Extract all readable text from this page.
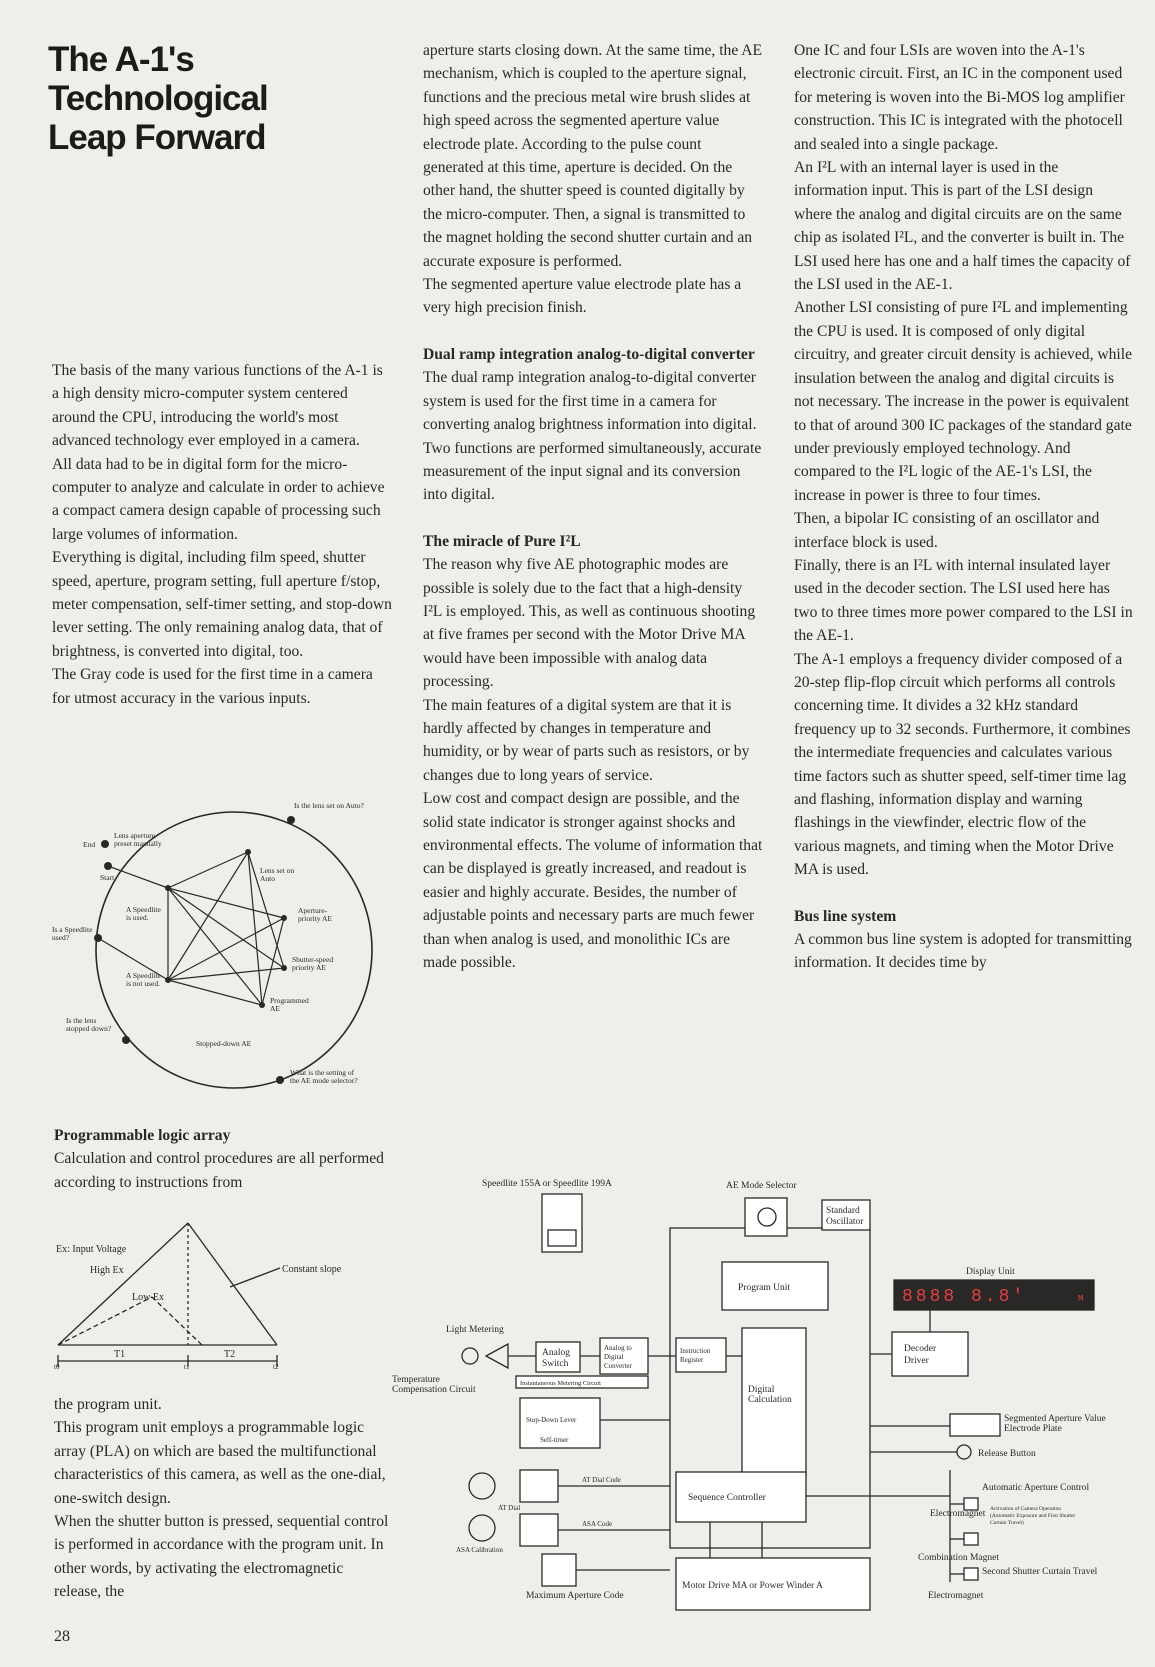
The A-1's
Technological
Leap Forward

The basis of the many various functions of the A-1 is a high density micro-computer system centered around the CPU, introducing the world's most advanced technology ever employed in a camera.

All data had to be in digital form for the micro-computer to analyze and calculate in order to achieve a compact camera design capable of processing such large volumes of information.

Everything is digital, including film speed, shutter speed, aperture, program setting, full aperture f/stop, meter compensation, self-timer setting, and stop-down lever setting. The only remaining analog data, that of brightness, is converted into digital, too.

The Gray code is used for the first time in a camera for utmost accuracy in the various inputs.

End
Is the lens set on Auto?
Lens aperture
preset manually
Start
Lens set on
Auto
Aperture-
priority AE
A Speedlite
is used.
Is a Speedlite
used?
Shutter-speed
priority AE
A Speedlite
is not used.
Programmed
AE
Is the lens
stopped down?
Stopped-down AE
What is the setting of
the AE mode selector?
Programmable logic array

Calculation and control procedures are all performed according to instructions from

Ex: Input Voltage
High Ex
Low Ex
Constant slope
T1	T2
t0	t1	t2

the program unit.

This program unit employs a programmable logic array (PLA) on which are based the multifunctional characteristics of this camera, as well as the one-dial, one-switch design.

When the shutter button is pressed, sequential control is performed in accordance with the program unit. In other words, by activating the electromagnetic release, the

aperture starts closing down. At the same time, the AE mechanism, which is coupled to the aperture signal, functions and the precious metal wire brush slides at high speed across the segmented aperture value electrode plate. According to the pulse count generated at this time, aperture is decided. On the other hand, the shutter speed is counted digitally by the micro-computer. Then, a signal is transmitted to the magnet holding the second shutter curtain and an accurate exposure is performed.

The segmented aperture value electrode plate has a very high precision finish.

Dual ramp integration analog-to-digital converter

The dual ramp integration analog-to-digital converter system is used for the first time in a camera for converting analog brightness information into digital. Two functions are performed simultaneously, accurate measurement of the input signal and its conversion into digital.

The miracle of Pure I²L

The reason why five AE photographic modes are possible is solely due to the fact that a high-density I²L is employed. This, as well as continuous shooting at five frames per second with the Motor Drive MA would have been impossible with analog data processing.

The main features of a digital system are that it is hardly affected by changes in temperature and humidity, or by wear of parts such as resistors, or by changes due to long years of service.

Low cost and compact design are possible, and the solid state indicator is stronger against shocks and environmental effects. The volume of information that can be displayed is greatly increased, and readout is easier and highly accurate. Besides, the number of adjustable points and necessary parts are much fewer than when analog is used, and monolithic ICs are made possible.

One IC and four LSIs are woven into the A-1's electronic circuit. First, an IC in the component used for metering is woven into the Bi-MOS log amplifier construction. This IC is integrated with the photocell and sealed into a single package.

An I²L with an internal layer is used in the information input. This is part of the LSI design where the analog and digital circuits are on the same chip as isolated I²L, and the converter is built in. The LSI used here has one and a half times the capacity of the LSI used in the AE-1.

Another LSI consisting of pure I²L and implementing the CPU is used. It is composed of only digital circuitry, and greater circuit density is achieved, while insulation between the analog and digital circuits is not necessary. The increase in the power is equivalent to that of around 300 IC packages of the standard gate under previously employed technology. And compared to the I²L logic of the AE-1's LSI, the increase in power is three to four times.

Then, a bipolar IC consisting of an oscillator and interface block is used.

Finally, there is an I²L with internal insulated layer used in the decoder section. The LSI used here has two to three times more power compared to the LSI in the AE-1.

The A-1 employs a frequency divider composed of a 20-step flip-flop circuit which performs all controls concerning time. It divides a 32 kHz standard frequency up to 32 seconds. Furthermore, it combines the intermediate frequencies and calculates various time factors such as shutter speed, self-timer time lag and flashing, information display and warning flashings in the viewfinder, electric flow of the various magnets, and timing when the Motor Drive MA is used.

Bus line system

A common bus line system is adopted for transmitting information. It decides time by

8888 8.8'	M
Speedlite 155A or Speedlite 199A	AE Mode Selector
Standard
Oscillator
Display Unit
Program Unit
Light Metering
Analog
Switch
Analog to
Digital
Converter
Instruction
Register
Instantaneous Metering Circuit
Temperature
Compensation Circuit	Digital
Calculation
Decoder
Driver
Stop-Down Lever
Self-timer
Segmented Aperture Value
Electrode Plate
Release Button
AT Dial
AT Dial Code
ASA Calibration
ASA Code
Sequence Controller
Automatic Aperture Control
Electromagnet Activation of Camera Operation
(Automatic Exposure and First Shutter
Curtain Travel)
Combination Magnet
Second Shutter Curtain Travel
Electromagnet
Maximum Aperture Code
Motor Drive MA or Power Winder A
28
